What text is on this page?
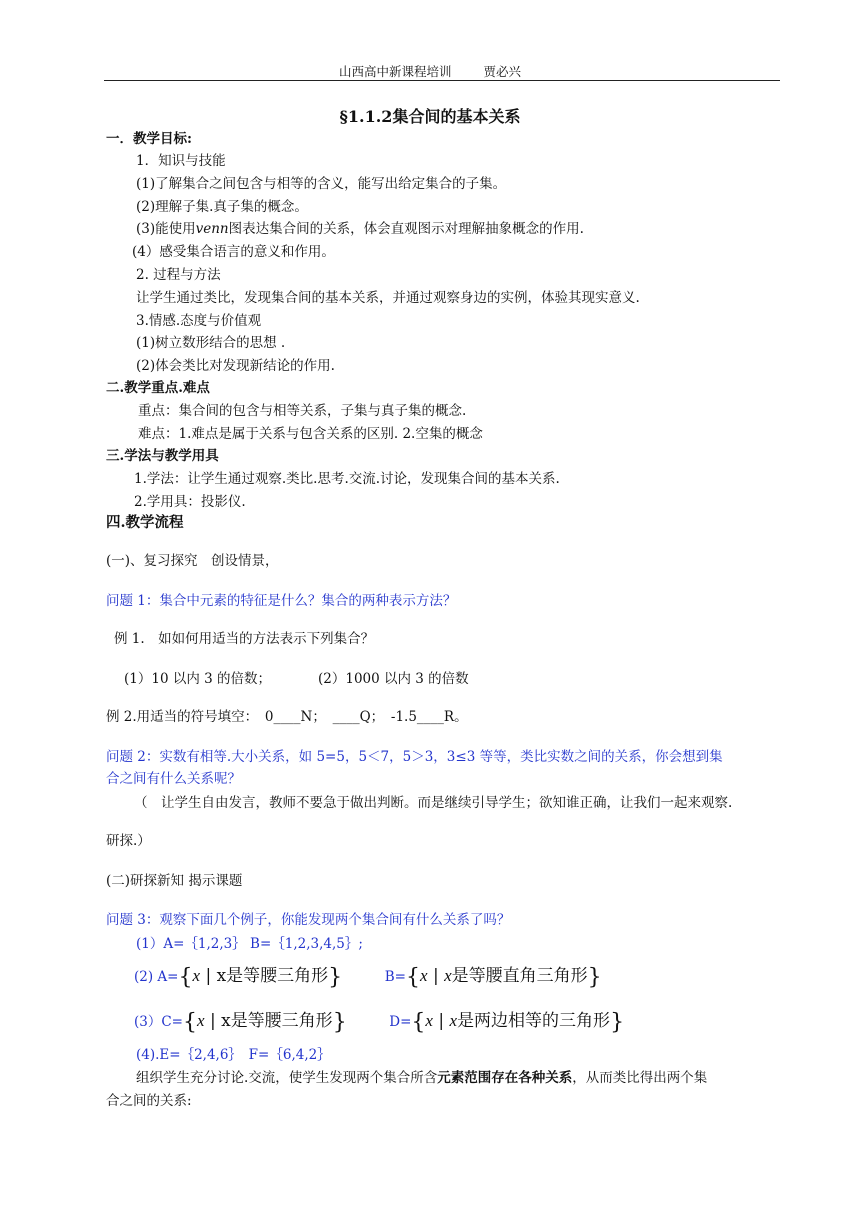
山西高中新课程培训	贾必兴
§1.1.2集合间的基本关系
一．教学目标:
1．知识与技能
(1)了解集合之间包含与相等的含义，能写出给定集合的子集。
(2)理解子集.真子集的概念。
(3)能使用venn图表达集合间的关系，体会直观图示对理解抽象概念的作用.
(4）感受集合语言的意义和作用。
2. 过程与方法
让学生通过类比，发现集合间的基本关系，并通过观察身边的实例，体验其现实意义.
3.情感.态度与价值观
(1)树立数形结合的思想 .
(2)体会类比对发现新结论的作用.
二.教学重点.难点
重点：集合间的包含与相等关系，子集与真子集的概念.
难点：1.难点是属于关系与包含关系的区别. 2.空集的概念
三.学法与教学用具
1.学法：让学生通过观察.类比.思考.交流.讨论，发现集合间的基本关系.
2.学用具：投影仪.
四.教学流程
(一)、复习探究　创设情景，
问题 1：集合中元素的特征是什么？集合的两种表示方法？
例 1.　如如何用适当的方法表示下列集合？
(1）10 以内 3 的倍数；	(2）1000 以内 3 的倍数
例 2.用适当的符号填空：　0____N；　____Q；　-1.5____R。
问题 2：实数有相等.大小关系，如 5=5，5＜7，5＞3，3≤3 等等，类比实数之间的关系，你会想到集
合之间有什么关系呢？
（　让学生自由发言，教师不要急于做出判断。而是继续引导学生；欲知谁正确，让我们一起来观察.
研探.）
(二)研探新知 揭示课题
问题 3：观察下面几个例子，你能发现两个集合间有什么关系了吗？
(1）A=｛1,2,3｝ B=｛1,2,3,4,5｝;
(2) A={x | x是等腰三角形}	B={x | x是等腰直角三角形}
(3）C={x | x是等腰三角形}	D={x | x是两边相等的三角形}
(4).E=｛2,4,6｝　F=｛6,4,2｝
组织学生充分讨论.交流，使学生发现两个集合所含元素范围存在各种关系，从而类比得出两个集
合之间的关系:
